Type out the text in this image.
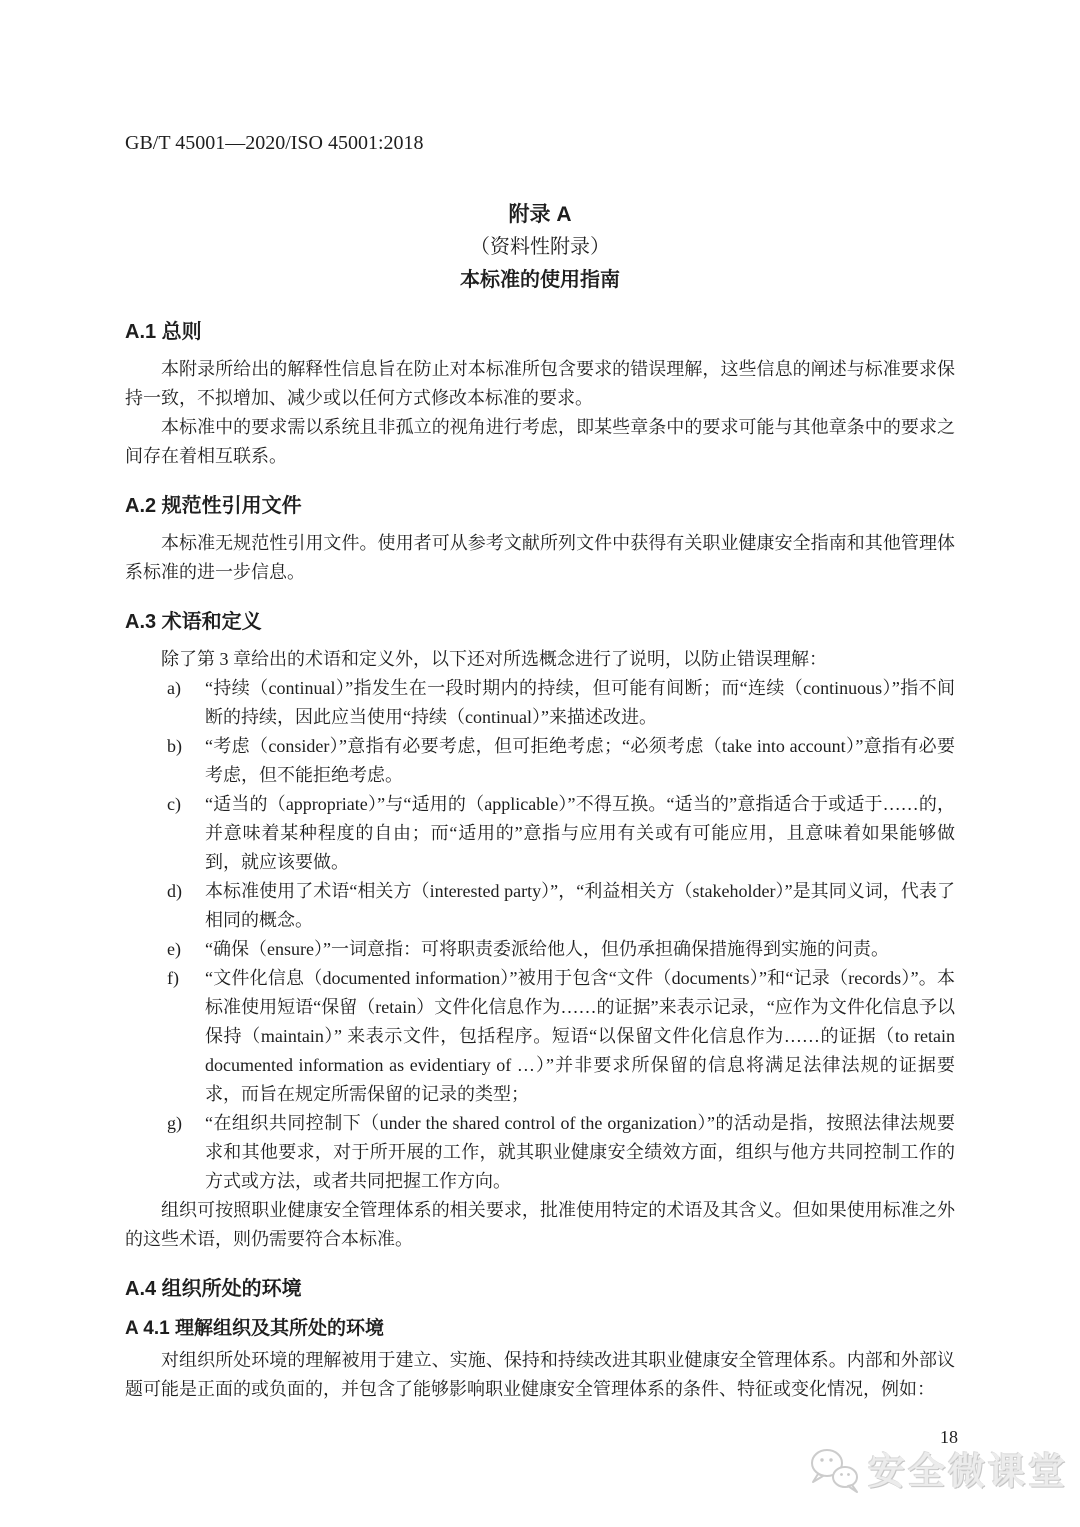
GB/T 45001—2020/ISO 45001:2018
附录 A
（资料性附录）
本标准的使用指南
A.1 总则

本附录所给出的解释性信息旨在防止对本标准所包含要求的错误理解，这些信息的阐述与标准要求保持一致，不拟增加、减少或以任何方式修改本标准的要求。

本标准中的要求需以系统且非孤立的视角进行考虑，即某些章条中的要求可能与其他章条中的要求之间存在着相互联系。

A.2 规范性引用文件

本标准无规范性引用文件。使用者可从参考文献所列文件中获得有关职业健康安全指南和其他管理体系标准的进一步信息。

A.3 术语和定义

除了第 3 章给出的术语和定义外，以下还对所选概念进行了说明，以防止错误理解：

a)	“持续（continual）”指发生在一段时期内的持续，但可能有间断；而“连续（continuous）”指不间断的持续，因此应当使用“持续（continual）”来描述改进。
b)	“考虑（consider）”意指有必要考虑，但可拒绝考虑；“必须考虑（take into account）”意指有必要考虑，但不能拒绝考虑。
c)	“适当的（appropriate）”与“适用的（applicable）”不得互换。“适当的”意指适合于或适于……的，并意味着某种程度的自由；而“适用的”意指与应用有关或有可能应用，且意味着如果能够做到，就应该要做。
d)	本标准使用了术语“相关方（interested party）”，“利益相关方（stakeholder）”是其同义词，代表了相同的概念。
e)	“确保（ensure）”一词意指：可将职责委派给他人，但仍承担确保措施得到实施的问责。
f)	“文件化信息（documented information）”被用于包含“文件（documents）”和“记录（records）”。本标准使用短语“保留（retain）文件化信息作为……的证据”来表示记录，“应作为文件化信息予以保持（maintain）” 来表示文件，包括程序。短语“以保留文件化信息作为……的证据（to retain documented information as evidentiary of …）”并非要求所保留的信息将满足法律法规的证据要求，而旨在规定所需保留的记录的类型；
g)	“在组织共同控制下（under the shared control of the organization）”的活动是指，按照法律法规要求和其他要求，对于所开展的工作，就其职业健康安全绩效方面，组织与他方共同控制工作的方式或方法，或者共同把握工作方向。

组织可按照职业健康安全管理体系的相关要求，批准使用特定的术语及其含义。但如果使用标准之外的这些术语，则仍需要符合本标准。

A.4 组织所处的环境
A 4.1 理解组织及其所处的环境

对组织所处环境的理解被用于建立、实施、保持和持续改进其职业健康安全管理体系。内部和外部议题可能是正面的或负面的，并包含了能够影响职业健康安全管理体系的条件、特征或变化情况，例如：

18
安全微课堂
